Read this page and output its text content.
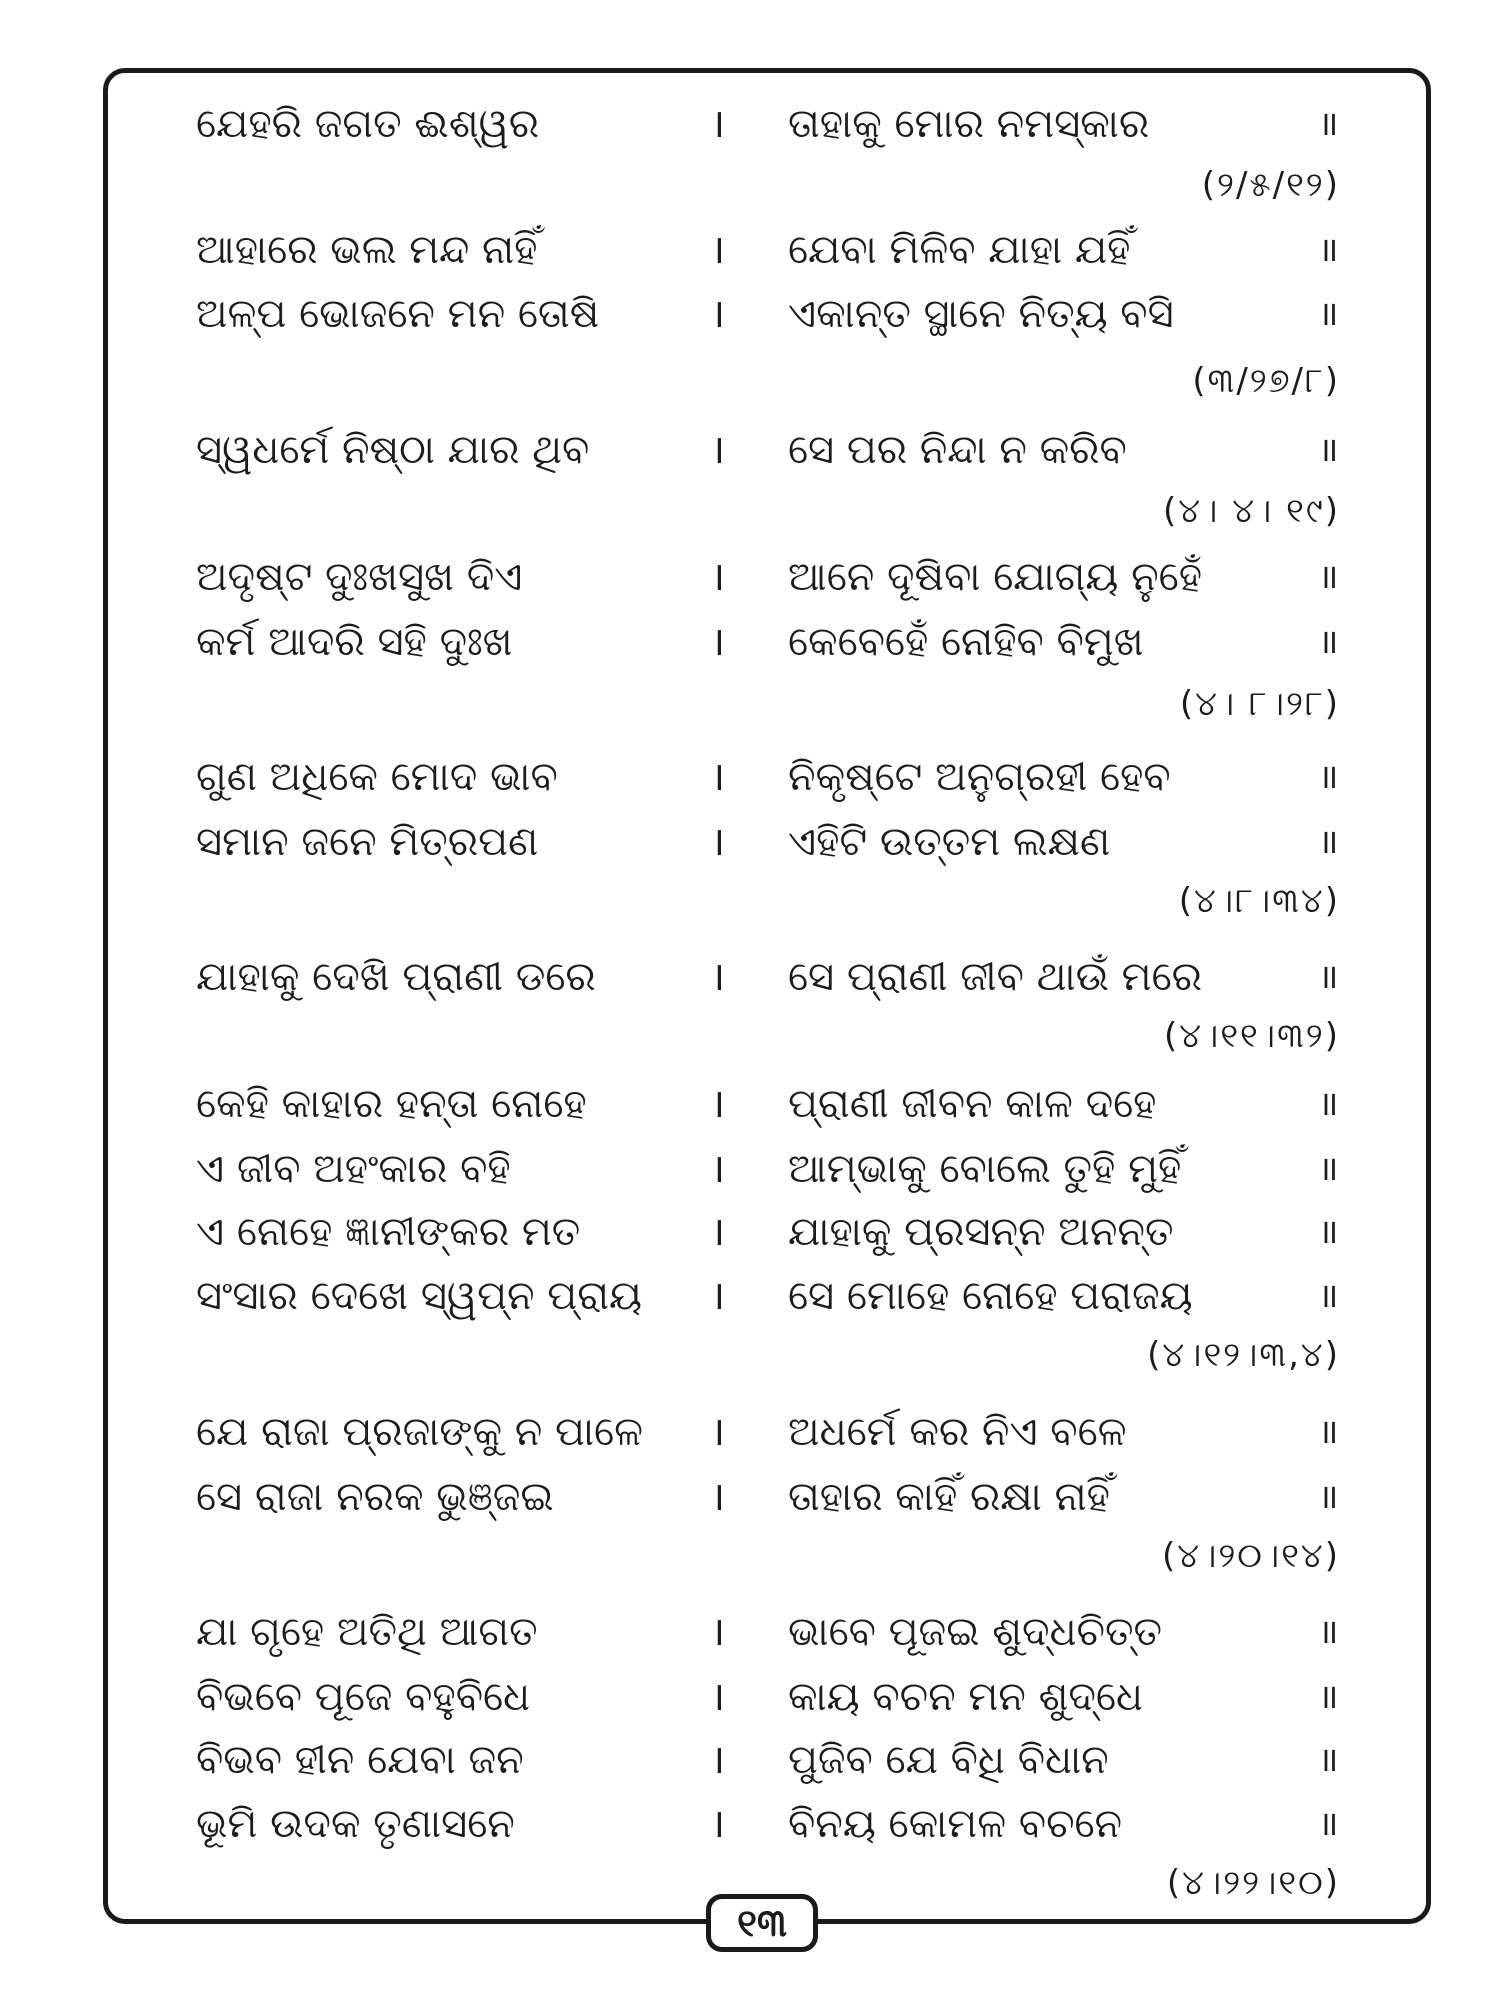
ଯେହରି ଜଗତ ଈଶ୍ୱର	। ତାହାକୁ ମୋର ନମସ୍କାର	॥
(୨/୫/୧୨)
ଆହାରେ ଭଲ ମନ୍ଦ ନାହିଁ	। ଯେବା ମିଳିବ ଯାହା ଯହିଁ	॥
ଅଳ୍ପ ଭୋଜନେ ମନ ତୋଷି	। ଏକାନ୍ତ ସ୍ଥାନେ ନିତ୍ୟ ବସି	॥
(୩/୨୭/୮)
ସ୍ୱଧର୍ମେ ନିଷ୍ଠା ଯାର ଥିବ	। ସେ ପର ନିନ୍ଦା ନ କରିବ	॥
(୪। ୪। ୧୯)
ଅଦୃଷ୍ଟ ଦୁଃଖସୁଖ ଦିଏ	। ଆନେ ଦୂଷିବା ଯୋଗ୍ୟ ନୁହେଁ	॥
କର୍ମ ଆଦରି ସହି ଦୁଃଖ	। କେବେହେଁ ନୋହିବ ବିମୁଖ	॥
(୪। ୮।୨୮)
ଗୁଣ ଅଧିକେ ମୋଦ ଭାବ	। ନିକୃଷ୍ଟେ ଅନୁଗ୍ରହୀ ହେବ	॥
ସମାନ ଜନେ ମିତ୍ରପଣ	। ଏହିଟି ଉତ୍ତମ ଲକ୍ଷଣ	॥
(୪।୮।୩୪)
ଯାହାକୁ ଦେଖି ପ୍ରାଣୀ ଡରେ	। ସେ ପ୍ରାଣୀ ଜୀବ ଥାଉଁ ମରେ	॥
(୪।୧୧।୩୨)
କେହି କାହାର ହନ୍ତା ନୋହେ	। ପ୍ରାଣୀ ଜୀବନ କାଳ ଦହେ	॥
ଏ ଜୀବ ଅହଂକାର ବହି	। ଆମ୍ଭାକୁ ବୋଲେ ତୁହି ମୁହିଁ	॥
ଏ ନୋହେ ଜ୍ଞାନୀଙ୍କର ମତ	। ଯାହାକୁ ପ୍ରସନ୍ନ ଅନନ୍ତ	॥
ସଂସାର ଦେଖେ ସ୍ୱପ୍ନ ପ୍ରାୟ । ସେ ମୋହେ ନୋହେ ପରାଜୟ	॥
(୪।୧୨।୩,୪)
ଯେ ରାଜା ପ୍ରଜାଙ୍କୁ ନ ପାଳେ । ଅଧର୍ମେ କର ନିଏ ବଳେ	॥
ସେ ରାଜା ନରକ ଭୁଞ୍ଜଇ	। ତାହାର କାହିଁ ରକ୍ଷା ନାହିଁ	॥
(୪।୨୦।୧୪)
ଯା ଗୃହେ ଅତିଥି ଆଗତ	। ଭାବେ ପୂଜଇ ଶୁଦ୍ଧଚିତ୍ତ	॥
ବିଭବେ ପୂଜେ ବହୁବିଧେ	। କାୟ ବଚନ ମନ ଶୁଦ୍ଧେ	॥
ବିଭବ ହୀନ ଯେବା ଜନ	। ପୁଜିବ ଯେ ବିଧି ବିଧାନ	॥
ଭୂମି ଉଦକ ତୃଣାସନେ	। ବିନୟ କୋମଳ ବଚନେ	॥
(୪।୨୨।୧୦)
୧୩
